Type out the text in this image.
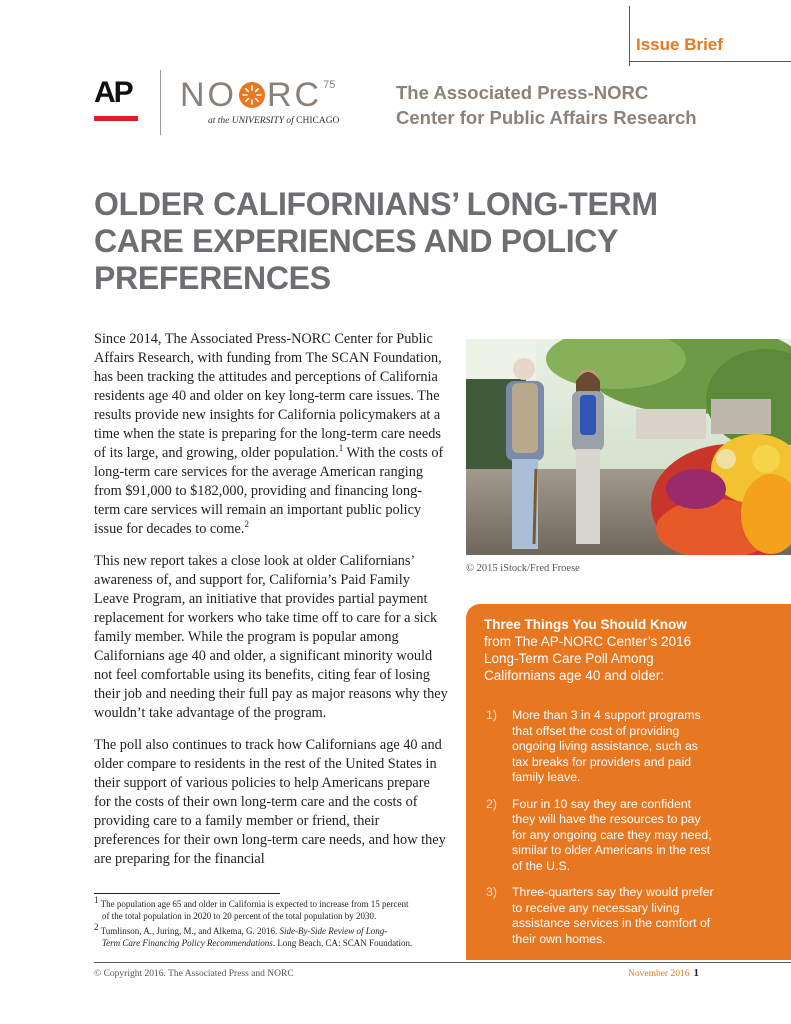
Issue Brief
AP NO RC 75
at the UNIVERSITY of CHICAGO
The Associated Press-NORC
Center for Public Affairs Research
OLDER CALIFORNIANS’ LONG-TERM
CARE EXPERIENCES AND POLICY
PREFERENCES

Since 2014, The Associated Press-NORC Center for Public Affairs Research, with funding from The SCAN Foundation, has been tracking the attitudes and perceptions of California residents age 40 and older on key long-term care issues. The results provide new insights for California policymakers at a time when the state is preparing for the long-term care needs of its large, and growing, older population.$^1$ With the costs of long-term care services for the average American ranging from $91,000 to $182,000, providing and financing long-term care services will remain an important public policy issue for decades to come.$^2$

This new report takes a close look at older Californians’ awareness of, and support for, California’s Paid Family Leave Program, an initiative that provides partial payment replacement for workers who take time off to care for a sick family member. While the program is popular among Californians age 40 and older, a significant minority would not feel comfortable using its benefits, citing fear of losing their job and needing their full pay as major reasons why they wouldn’t take advantage of the program.

The poll also continues to track how Californians age 40 and older compare to residents in the rest of the United States in their support of various policies to help Americans prepare for the costs of their own long-term care and the costs of providing care to a family member or friend, their preferences for their own long-term care needs, and how they are preparing for the financial

© 2015 iStock/Fred Froese
Three Things You Should Know from The AP-NORC Center’s 2016 Long-Term Care Poll Among Californians age 40 and older:
1) More than 3 in 4 support programs that offset the cost of providing ongoing living assistance, such as tax breaks for providers and paid family leave.
2) Four in 10 say they are confident they will have the resources to pay for any ongoing care they may need, similar to older Americans in the rest of the U.S.
3) Three-quarters say they would prefer to receive any necessary living assistance services in the comfort of their own homes.
$^1$ The population age 65 and older in California is expected to increase from 15 percent
of the total population in 2020 to 20 percent of the total population by 2030.
$^2$ Tumlinson, A., Juring, M., and Alkema, G. 2016. Side-By-Side Review of Long-
Term Care Financing Policy Recommendations. Long Beach, CA: SCAN Foundation.
© Copyright 2016. The Associated Press and NORC	November 2016 1
